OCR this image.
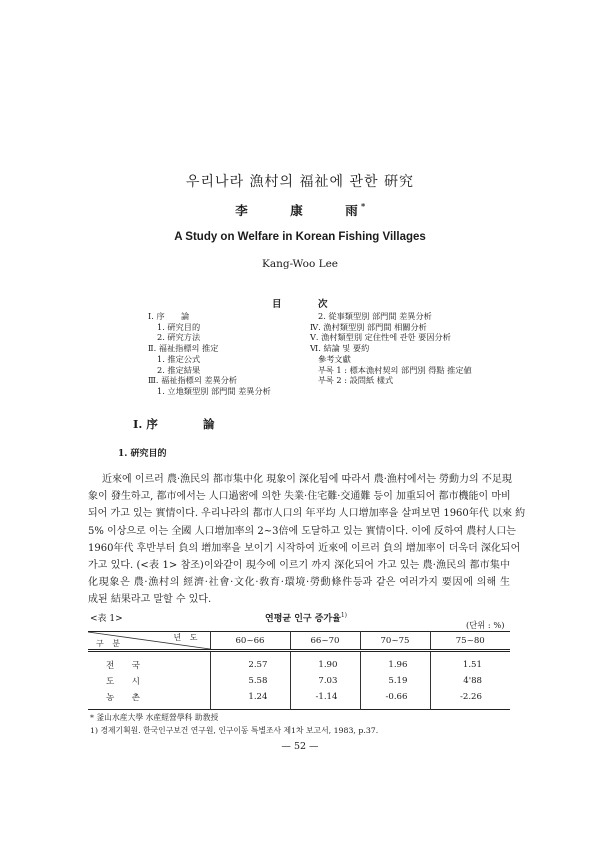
우리나라 漁村의 福祉에 관한 硏究
李	康	雨 *
A Study on Welfare in Korean Fishing Villages
Kang-Woo Lee
目	次
Ⅰ. 序　　論
1. 硏究目的
2. 硏究方法
Ⅱ. 福祉指標의 推定
1. 推定公式
2. 推定結果
Ⅲ. 福祉指標의 差異分析
1. 立地類型別 部門間 差異分析
2. 從事類型別 部門間 差異分析
Ⅳ. 漁村類型別 部門間 相關分析
Ⅴ. 漁村類型別 定住性에 관한 要因分析
Ⅵ. 結論 및 要約
參考文獻
부록 1 : 標本漁村契의 部門別 得點 推定値
부록 2 : 設問紙 樣式
Ⅰ. 序	論
1. 硏究目的
近來에 이르러 農·漁民의 都市集中化 現象이 深化됨에 따라서 農·漁村에서는 勞動力의 不足現
象이 發生하고, 都市에서는 人口過密에 의한 失業·住宅難·交通難 등이 加重되어 都市機能이 마비
되어 가고 있는 實情이다. 우리나라의 都市人口의 年平均 人口增加率을 살펴보면 1960年代 以來 約
5% 이상으로 이는 全國 人口增加率의 2~3倍에 도달하고 있는 實情이다. 이에 反하여 農村人口는
1960年代 후반부터 負의 增加率을 보이기 시작하여 近來에 이르러 負의 增加率이 더욱더 深化되어
가고 있다. (<表 1> 참조)이와같이 現今에 이르기 까지 深化되어 가고 있는 農·漁民의 都市集中
化現象은 農·漁村의 經濟·社會·文化·敎育·環境·勞動條件등과 같은 여러가지 要因에 의해 生
成된 結果라고 말할 수 있다.
<表 1>	연평균 인구 증가율$^{1)}$
(단위 : %)
년 도
구 분	60~66	66~70	70~75	75~80
전 국	2.57	1.90	1.96	1.51
도 시	5.58	7.03	5.19	4'88
농 촌	1.24	-1.14	-0.66	-2.26
* 釜山水産大學 水産經營學科 助敎授
1) 경제기획원. 한국인구보건 연구원, 인구이동 특별조사 제1차 보고서, 1983, p.37.
— 52 —
